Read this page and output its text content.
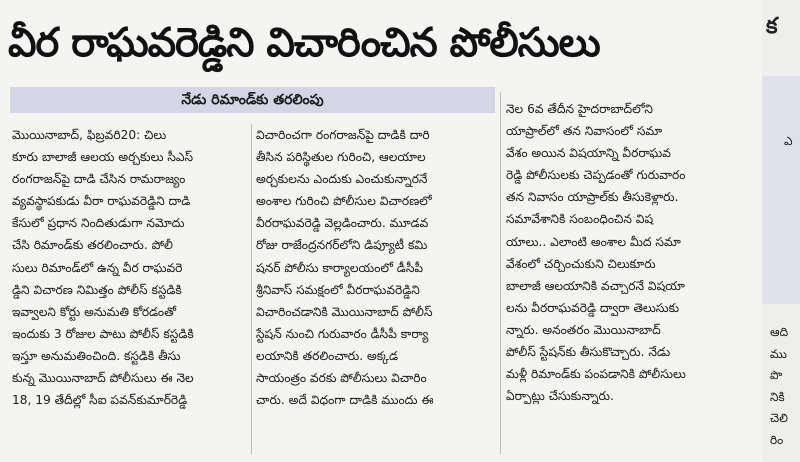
వీర రాఘవరెడ్డిని విచారించిన పోలీసులు
నేడు రిమాండ్‌కు తరలింపు
మొయినాబాద్, ఫిబ్రవరి20: చిలు
కూరు బాలాజీ ఆలయ అర్చకులు సీఎస్‌
రంగరాజన్‌పై దాడి చేసిన రామరాజ్యం
వ్యవస్థాపకుడు వీరా రాఘవరెడ్డిని దాడి
కేసులో ప్రధాన నిందితుడుగా నమోదు
చేసి రిమాండ్‌కు తరలించారు. పోలీ
సులు రిమాండ్‌లో ఉన్న వీర రాఘవరె
డ్డిని విచారణ నిమిత్తం పోలీస్ కస్టడికి
ఇవ్వాలని కోర్టు అనుమతి కోరడంతో
ఇందుకు 3 రోజుల పాటు పోలీస్ కస్టడికి
ఇస్తూ అనుమతించింది. కస్టడికి తీసు
కున్న మొయినాబాద్ పోలీసులు ఈ నెల
18, 19 తేదీల్లో సీఐ పవన్‌కుమార్‌రెడ్డి
విచారించగా రంగరాజన్‌పై దాడికి దారి
తీసిన పరిస్థితుల గురించి, ఆలయాల
అర్చకులను ఎందుకు ఎంచుకున్నారనే
అంశాల గురించి పోలీసుల విచారణలో
వీరరాఘవరెడ్డి వెల్లడించారు. మూడవ
రోజు రాజేంద్రనగర్‌లోని డిప్యూటీ కమి
షనర్ పోలీసు కార్యాలయంలో డీసీపీ
శ్రీనివాస్ సమక్షంలో వీరరాఘవరెడ్డిని
విచారించడానికి మొయినాబాద్ పోలీస్
స్టేషన్ నుంచి గురువారం డీసీపీ కార్యా
లయానికి తరలించారు. అక్కడ
సాయంత్రం వరకు పోలీసులు విచారిం
చారు. అదే విధంగా దాడికి ముందు ఈ
నెల 6వ తేదీన హైదరాబాద్‌లోని
యాప్రాల్‌లో తన నివాసంలో సమా
వేశం అయిన విషయాన్ని వీరరాఘవ
రెడ్డి పోలీసులకు చెప్పడంతో గురువారం
తన నివాసం యాప్రాల్‌కు తీసుకెళ్లారు.
సమావేశానికి సంబంధించిన విష
యాలు.. ఎలాంటి అంశాల మీద సమా
వేశంలో చర్చించుకుని చిలుకూరు
బాలాజీ ఆలయానికి వచ్చారనే విషయా
లను వీరరాఘవరెడ్డి ద్వారా తెలుసుకు
న్నారు. అనంతరం మొయినాబాద్
పోలీస్ స్టేషన్‌కు తీసుకొచ్చారు. నేడు
మళ్లీ రిమాండ్‌కు పంపడానికి పోలీసులు
ఏర్పాట్లు చేసుకున్నారు.
క
ఎ
ఆది
ము
పొ
నికి
చెలి
రిం
